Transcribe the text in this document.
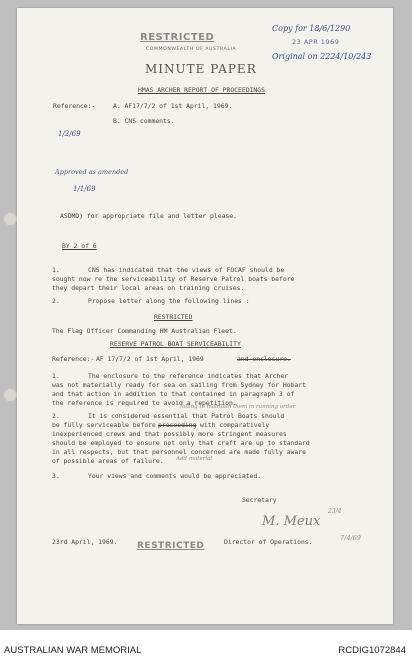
RESTRICTED
COMMONWEALTH OF AUSTRALIA
MINUTE PAPER
HMAS ARCHER REPORT OF PROCEEDINGS
Copy for 18/6/1290
23 APR 1969
Original on 2224/10/243
Reference:-	A. AF17/7/2 of 1st April, 1969.
B. CNS comments.
1/2/69
Approved as amended
1/1/69
ASDMD) for appropriate file and letter please.
BY 2 of 6
1.	CNS has indicated that the views of FOCAF should be
sought now re the serviceability of Reserve Patrol boats before
they depart their local areas on training cruises.
2.	Propose letter along the following lines :
RESTRICTED
The Flag Officer Commanding HM Australian Fleet.
RESERVE PATROL BOAT SERVICEABILITY
Reference:- AF 17/7/2 of 1st April, 1969	and enclosure.
1.	The enclosure to the reference indicates that Archer
was not materially ready for sea on sailing from Sydney for Hobart
and that action in addition to that contained in paragraph 3 of
the reference is required to avoid a repetition.
falling to maintain them in running order
2.	It is considered essential that Patrol Boats should
be fully serviceable before proceeding with comparatively
inexperienced crews and that possibly more stringent measures
should be employed to ensure not only that craft are up to standard
in all respects, but that personnel concerned are made fully aware
of possible areas of failure. Add material
3.	Your views and comments would be appreciated.
Secretary
M. Meux
23/4
23rd April, 1969. RESTRICTED	Director of Operations.	7/4/69
AUSTRALIAN WAR MEMORIAL	RCDIG1072844
